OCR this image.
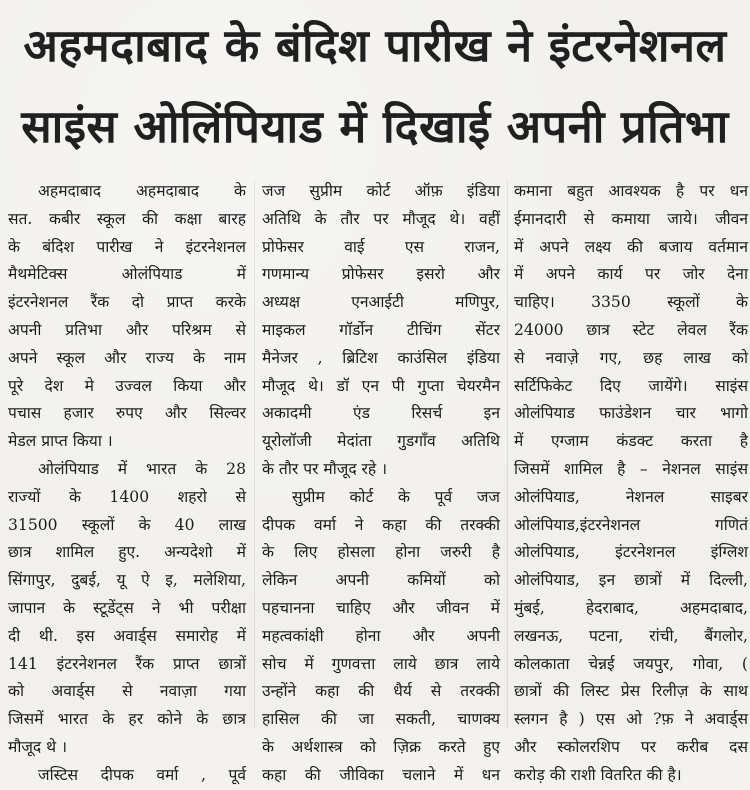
अहमदाबाद के बंदिश पारीख ने इंटरनेशनल
साइंस ओलिंपियाड में दिखाई अपनी प्रतिभा
अहमदाबाद अहमदाबाद के
सत. कबीर स्कूल की कक्षा बारह
के बंदिश पारीख ने इंटरनेशनल
मैथमेटिक्स ओलंपियाड में
इंटरनेशनल रैंक दो प्राप्त करके
अपनी प्रतिभा और परिश्रम से
अपने स्कूल और राज्य के नाम
पूरे देश मे उज्वल किया और
पचास हजार रुपए और सिल्वर
मेडल प्राप्त किया ।
ओलंपियाड में भारत के 28
राज्यों के 1400 शहरो से
31500 स्कूलों के 40 लाख
छात्र शामिल हुए. अन्यदेशो में
सिंगापुर, दुबई, यू ऐ इ, मलेशिया,
जापान के स्टूडेंट्स ने भी परीक्षा
दी थी. इस अवार्ड्स समारोह में
141 इंटरनेशनल रैंक प्राप्त छात्रों
को अवार्ड्स से नवाज़ा गया
जिसमें भारत के हर कोने के छात्र
मौजूद थे ।
जस्टिस दीपक वर्मा , पूर्व
जज सुप्रीम कोर्ट ऑफ़ इंडिया
अतिथि के तौर पर मौजूद थे। वहीं
प्रोफेसर वाई एस राजन,
गणमान्य प्रोफेसर इसरो और
अध्यक्ष एनआईटी मणिपुर,
माइकल गॉर्डोन टीचिंग सेंटर
मैनेजर , ब्रिटिश काउंसिल इंडिया
मौजूद थे। डॉ एन पी गुप्ता चेयरमैन
अकादमी एंड रिसर्च इन
यूरोलॉजी मेदांता गुडगाँव अतिथि
के तौर पर मौजूद रहे ।
सुप्रीम कोर्ट के पूर्व जज
दीपक वर्मा ने कहा की तरक्की
के लिए होसला होना जरुरी है
लेकिन अपनी कमियों को
पहचानना चाहिए और जीवन में
महत्वकांक्षी होना और अपनी
सोच में गुणवत्ता लाये छात्र लाये
उन्होंने कहा की धैर्य से तरक्की
हासिल की जा सकती, चाणक्य
के अर्थशास्त्र को ज़िक्र करते हुए
कहा की जीविका चलाने में धन
कमाना बहुत आवश्यक है पर धन
ईमानदारी से कमाया जाये। जीवन
में अपने लक्ष्य की बजाय वर्तमान
में अपने कार्य पर जोर देना
चाहिए। 3350 स्कूलों के
24000 छात्र स्टेट लेवल रैंक
से नवाज़े गए, छह लाख को
सर्टिफिकेट दिए जायेंगे। साइंस
ओलंपियाड फाउंडेशन चार भागो
में एग्जाम कंडक्ट करता है
जिसमें शामिल है – नेशनल साइंस
ओलंपियाड, नेशनल साइबर
ओलंपियाड,इंटरनेशनल गणितं
ओलंपियाड, इंटरनेशनल इंग्लिश
ओलंपियाड, इन छात्रों में दिल्ली,
मुंबई, हेदराबाद, अहमदाबाद,
लखनऊ, पटना, रांची, बैंगलोर,
कोलकाता चेन्नई जयपुर, गोवा, (
छात्रों की लिस्ट प्रेस रिलीज़ के साथ
स्लगन है ) एस ओ ?फ़ ने अवार्ड्स
और स्कोलरशिप पर करीब दस
करोड़ की राशी वितरित की है।
